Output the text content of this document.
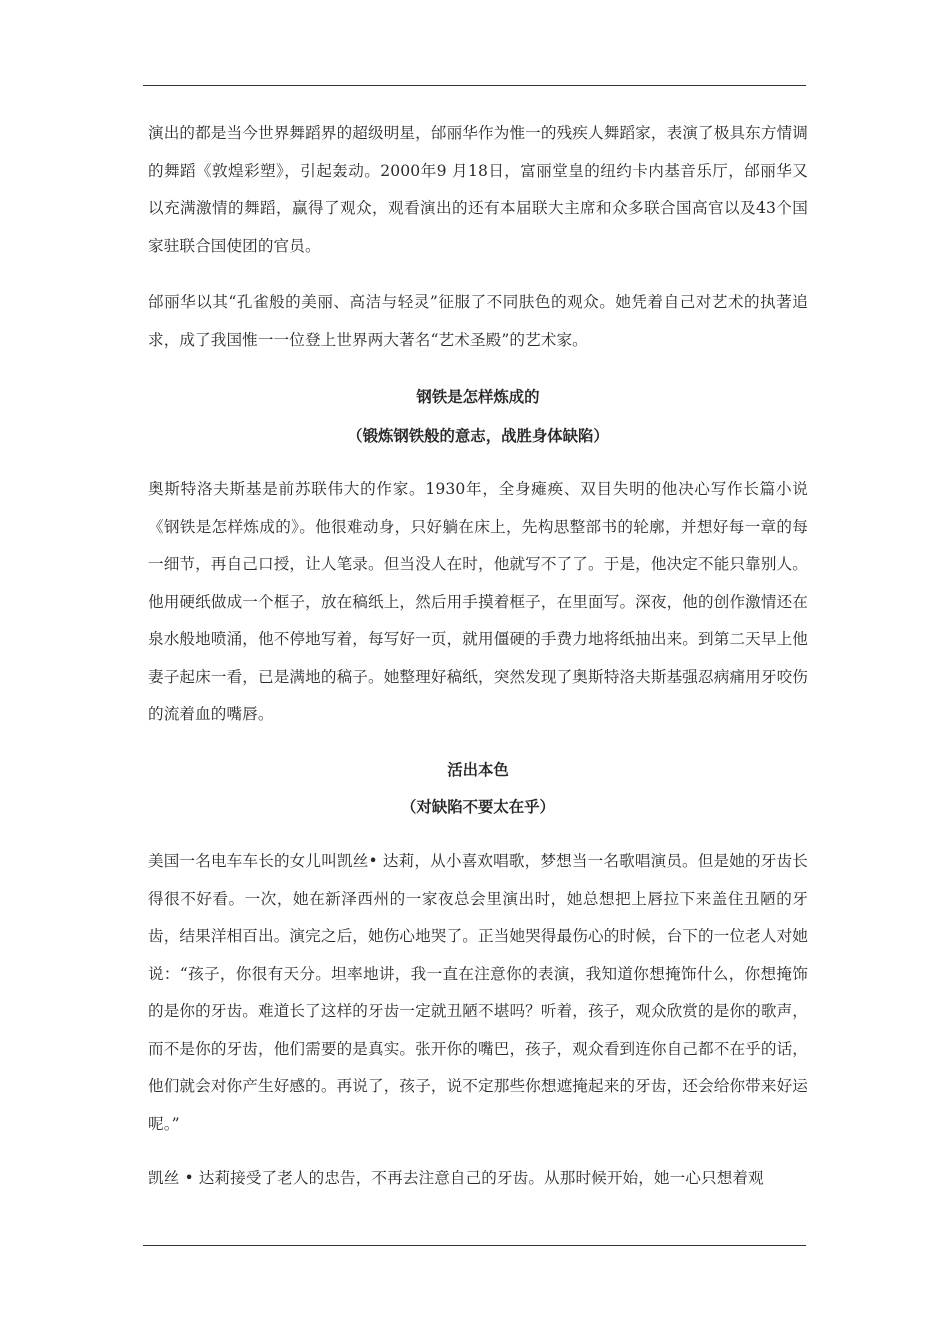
演出的都是当今世界舞蹈界的超级明星，邰丽华作为惟一的残疾人舞蹈家，表演了极具东方情调的舞蹈《敦煌彩塑》，引起轰动。2000年9 月18日，富丽堂皇的纽约卡内基音乐厅，邰丽华又以充满激情的舞蹈，赢得了观众，观看演出的还有本届联大主席和众多联合国高官以及43个国家驻联合国使团的官员。

邰丽华以其“孔雀般的美丽、高洁与轻灵”征服了不同肤色的观众。她凭着自己对艺术的执著追求，成了我国惟一一位登上世界两大著名“艺术圣殿”的艺术家。

钢铁是怎样炼成的
（锻炼钢铁般的意志，战胜身体缺陷）

奥斯特洛夫斯基是前苏联伟大的作家。1930年，全身瘫痪、双目失明的他决心写作长篇小说《钢铁是怎样炼成的》。他很难动身，只好躺在床上，先构思整部书的轮廓，并想好每一章的每一细节，再自己口授，让人笔录。但当没人在时，他就写不了了。于是，他决定不能只靠别人。他用硬纸做成一个框子，放在稿纸上，然后用手摸着框子，在里面写。深夜，他的创作激情还在泉水般地喷涌，他不停地写着，每写好一页，就用僵硬的手费力地将纸抽出来。到第二天早上他妻子起床一看，已是满地的稿子。她整理好稿纸，突然发现了奥斯特洛夫斯基强忍病痛用牙咬伤的流着血的嘴唇。

活出本色
（对缺陷不要太在乎）

美国一名电车车长的女儿叫凯丝• 达莉，从小喜欢唱歌，梦想当一名歌唱演员。但是她的牙齿长得很不好看。一次，她在新泽西州的一家夜总会里演出时，她总想把上唇拉下来盖住丑陋的牙齿，结果洋相百出。演完之后，她伤心地哭了。正当她哭得最伤心的时候，台下的一位老人对她说：“孩子，你很有天分。坦率地讲，我一直在注意你的表演，我知道你想掩饰什么，你想掩饰的是你的牙齿。难道长了这样的牙齿一定就丑陋不堪吗？听着，孩子，观众欣赏的是你的歌声，而不是你的牙齿，他们需要的是真实。张开你的嘴巴，孩子，观众看到连你自己都不在乎的话，他们就会对你产生好感的。再说了，孩子，说不定那些你想遮掩起来的牙齿，还会给你带来好运呢。”

凯丝 • 达莉接受了老人的忠告，不再去注意自己的牙齿。从那时候开始，她一心只想着观
